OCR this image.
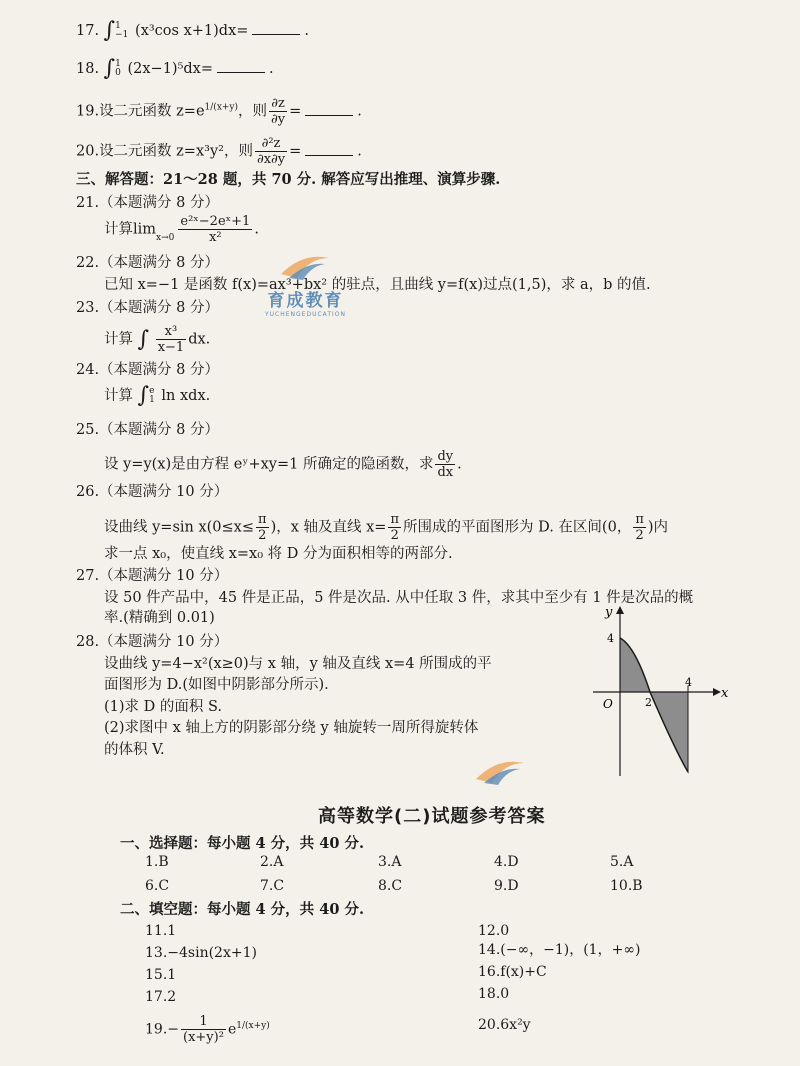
17. ∫ 1
−1 (x³cos x+1)dx=	.
18. ∫ 1
0 (2x−1)⁵dx=	.
19.设二元函数 $z=e^{1/(x+y)}$，则 $\frac{\partial z}{\partial y}$ =	.
20.设二元函数 z=x³y²，则 $\frac{\text{∂²z}}{\partial x\partial y}$ =	.
三、解答题：21～28 题，共 70 分. 解答应写出推理、演算步骤.
21.（本题满分 8 分）
计算$\lim x\to 0 \frac{\text{e²ˣ−2eˣ+1}}{\text{x²}}$ .
22.（本题满分 8 分）
已知 x=−1 是函数 f(x)=ax³+bx² 的驻点，且曲线 y=f(x)过点(1,5)，求 a，b 的值.
23.（本题满分 8 分）
计算 ∫ $\frac{\text{x³}}{x-1}$ dx.
24.（本题满分 8 分）
计算 ∫ e
1 ln xdx.
25.（本题满分 8 分）
设 y=y(x)是由方程 eʸ+xy=1 所确定的隐函数，求 $\frac{dy}{dx}$ .
26.（本题满分 10 分）
设曲线 y=sin $x(0\le x\le \frac{\pi}{2}$ )，x 轴及直线 $x= \frac{\pi}{2}$ 所围成的平面图形为 D. 在区间(0， $\frac{\pi}{2}$ )内
求一点 x₀，使直线 x=x₀ 将 D 分为面积相等的两部分.
27.（本题满分 10 分）
设 50 件产品中，45 件是正品，5 件是次品. 从中任取 3 件，求其中至少有 1 件是次品的概
率.(精确到 0.01)
28.（本题满分 10 分）
设曲线 y=4−x²(x≥0)与 x 轴，y 轴及直线 x=4 所围成的平
面图形为 D.(如图中阴影部分所示).
(1)求 D 的面积 S.
(2)求图中 x 轴上方的阴影部分绕 y 轴旋转一周所得旋转体
的体积 V.
y
x
O	2
4
4
育成教育
YUCHENGEDUCATION
高等数学(二)试题参考答案
一、选择题：每小题 4 分，共 40 分.
1.B	2.A	3.A	4.D	5.A
6.C	7.C	8.C	9.D	10.B
二、填空题：每小题 4 分，共 40 分.
11.1	12.0
13.−4sin(2x+1)	14.(−∞，−1)，(1，+∞)
15.1	16.f(x)+C
17.2	18.0
$19.- \frac{1}{\text{(x+y)²}} e^{1/(x+y)}$	20.6x²y
